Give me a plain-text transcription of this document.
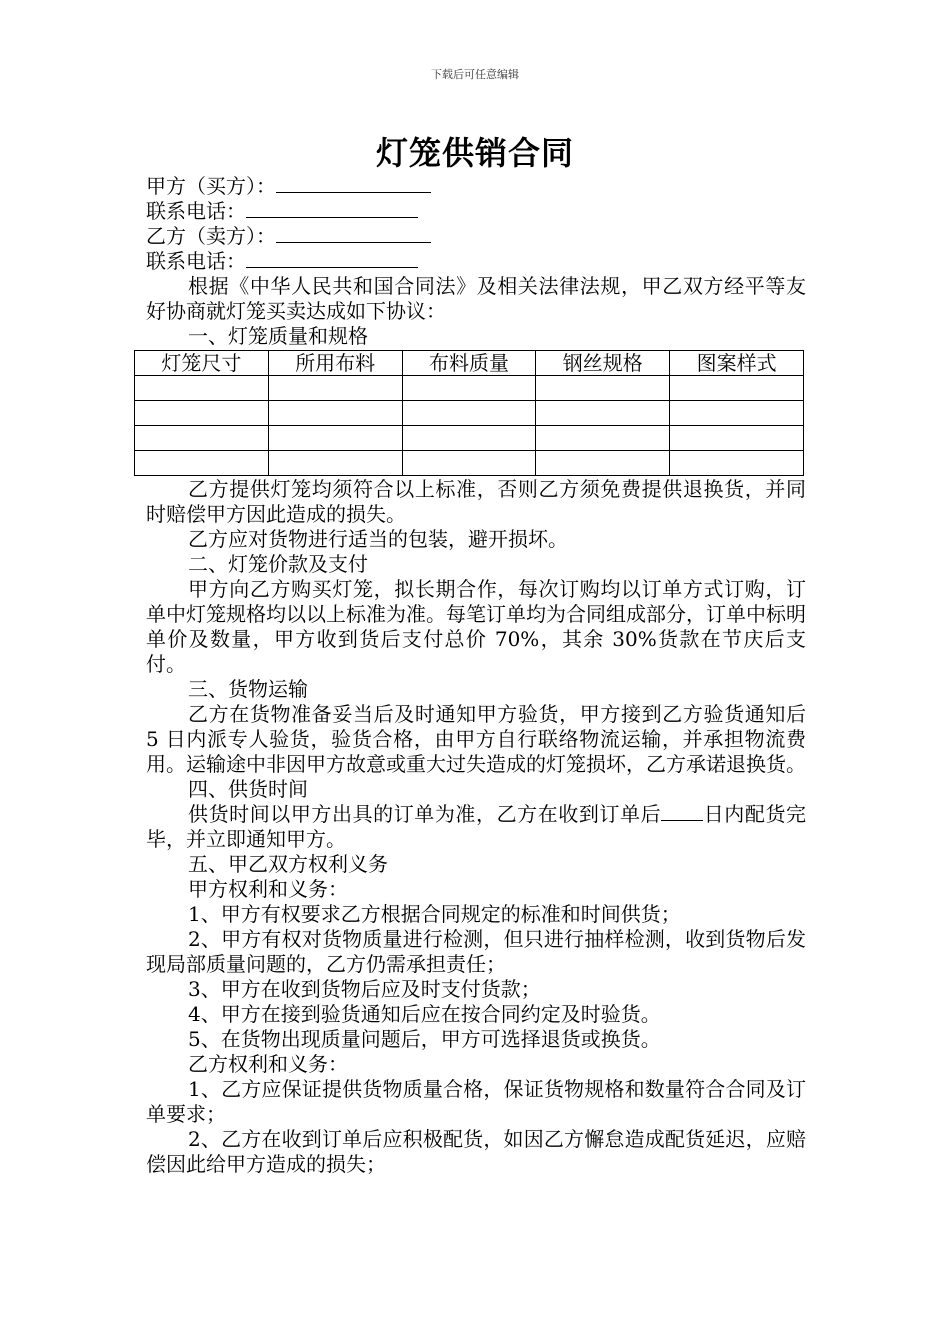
下载后可任意编辑
灯笼供销合同
甲方（买方）：
联系电话：
乙方（卖方）：
联系电话：

根据《中华人民共和国合同法》及相关法律法规，甲乙双方经平等友好协商就灯笼买卖达成如下协议：

一、灯笼质量和规格
灯笼尺寸	所用布料	布料质量	钢丝规格	图案样式

乙方提供灯笼均须符合以上标准，否则乙方须免费提供退换货，并同时赔偿甲方因此造成的损失。

乙方应对货物进行适当的包装，避开损坏。

二、灯笼价款及支付

甲方向乙方购买灯笼，拟长期合作，每次订购均以订单方式订购，订单中灯笼规格均以以上标准为准。每笔订单均为合同组成部分，订单中标明单价及数量，甲方收到货后支付总价 70%，其余 30%货款在节庆后支付。

三、货物运输

乙方在货物准备妥当后及时通知甲方验货，甲方接到乙方验货通知后 5 日内派专人验货，验货合格，由甲方自行联络物流运输，并承担物流费用。运输途中非因甲方故意或重大过失造成的灯笼损坏，乙方承诺退换货。

四、供货时间

供货时间以甲方出具的订单为准，乙方在收到订单后 日内配货完毕，并立即通知甲方。

五、甲乙双方权利义务
甲方权利和义务：

1、甲方有权要求乙方根据合同规定的标准和时间供货；

2、甲方有权对货物质量进行检测，但只进行抽样检测，收到货物后发现局部质量问题的，乙方仍需承担责任；

3、甲方在收到货物后应及时支付货款；

4、甲方在接到验货通知后应在按合同约定及时验货。

5、在货物出现质量问题后，甲方可选择退货或换货。

乙方权利和义务：

1、乙方应保证提供货物质量合格，保证货物规格和数量符合合同及订单要求；

2、乙方在收到订单后应积极配货，如因乙方懈怠造成配货延迟，应赔偿因此给甲方造成的损失；
